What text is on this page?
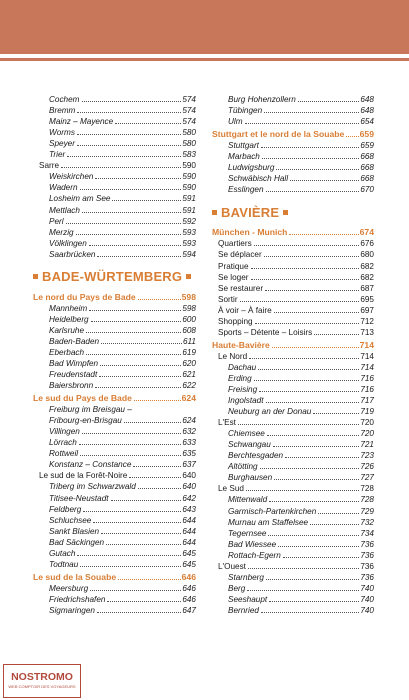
Cochem	574
Bremm	574
Mainz – Mayence	574
Worms	580
Speyer	580
Trier	583
Sarre	590
Weiskirchen	590
Wadern	590
Losheim am See	591
Mettlach	591
Perl	592
Merzig	593
Völklingen	593
Saarbrücken	594
BADE-WÜRTEMBERG
Le nord du Pays de Bade	598
Mannheim	598
Heidelberg	600
Karlsruhe	608
Baden-Baden	611
Eberbach	619
Bad Wimpfen	620
Freudenstadt	621
Baiersbronn	622
Le sud du Pays de Bade	624
Freiburg im Breisgau –
Fribourg-en-Brisgau	624
Villingen	632
Lörrach	633
Rottweil	635
Konstanz – Constance	637
Le sud de la Forêt-Noire	640
Triberg im Schwarzwald	640
Titisee-Neustadt	642
Feldberg	643
Schluchsee	644
Sankt Blasien	644
Bad Säckingen	644
Gutach	645
Todtnau	645
Le sud de la Souabe	646
Meersburg	646
Friedrichshafen	646
Sigmaringen	647
Burg Hohenzollern	648
Tübingen	648
Ulm	654
Stuttgart et le nord de la Souabe 659
Stuttgart	659
Marbach	668
Ludwigsburg	668
Schwäbisch Hall	668
Esslingen	670
BAVIÈRE
München - Munich	674
Quartiers	676
Se déplacer	680
Pratique	682
Se loger	682
Se restaurer	687
Sortir	695
À voir – À faire	697
Shopping	712
Sports – Détente – Loisirs	713
Haute-Bavière	714
Le Nord	714
Dachau	714
Erding	716
Freising	716
Ingolstadt	717
Neuburg an der Donau	719
L'Est	720
Chiemsee	720
Schwangau	721
Berchtesgaden	723
Altötting	726
Burghausen	727
Le Sud	728
Mittenwald	728
Garmisch-Partenkirchen	729
Murnau am Staffelsee	732
Tegernsee	734
Bad Wiessee	736
Rottach-Egern	736
L'Ouest	736
Starnberg	736
Berg	740
Seeshaupt	740
Bernried	740
NOSTROMO
WEB COMPTOIR DES VOYAGEURS
